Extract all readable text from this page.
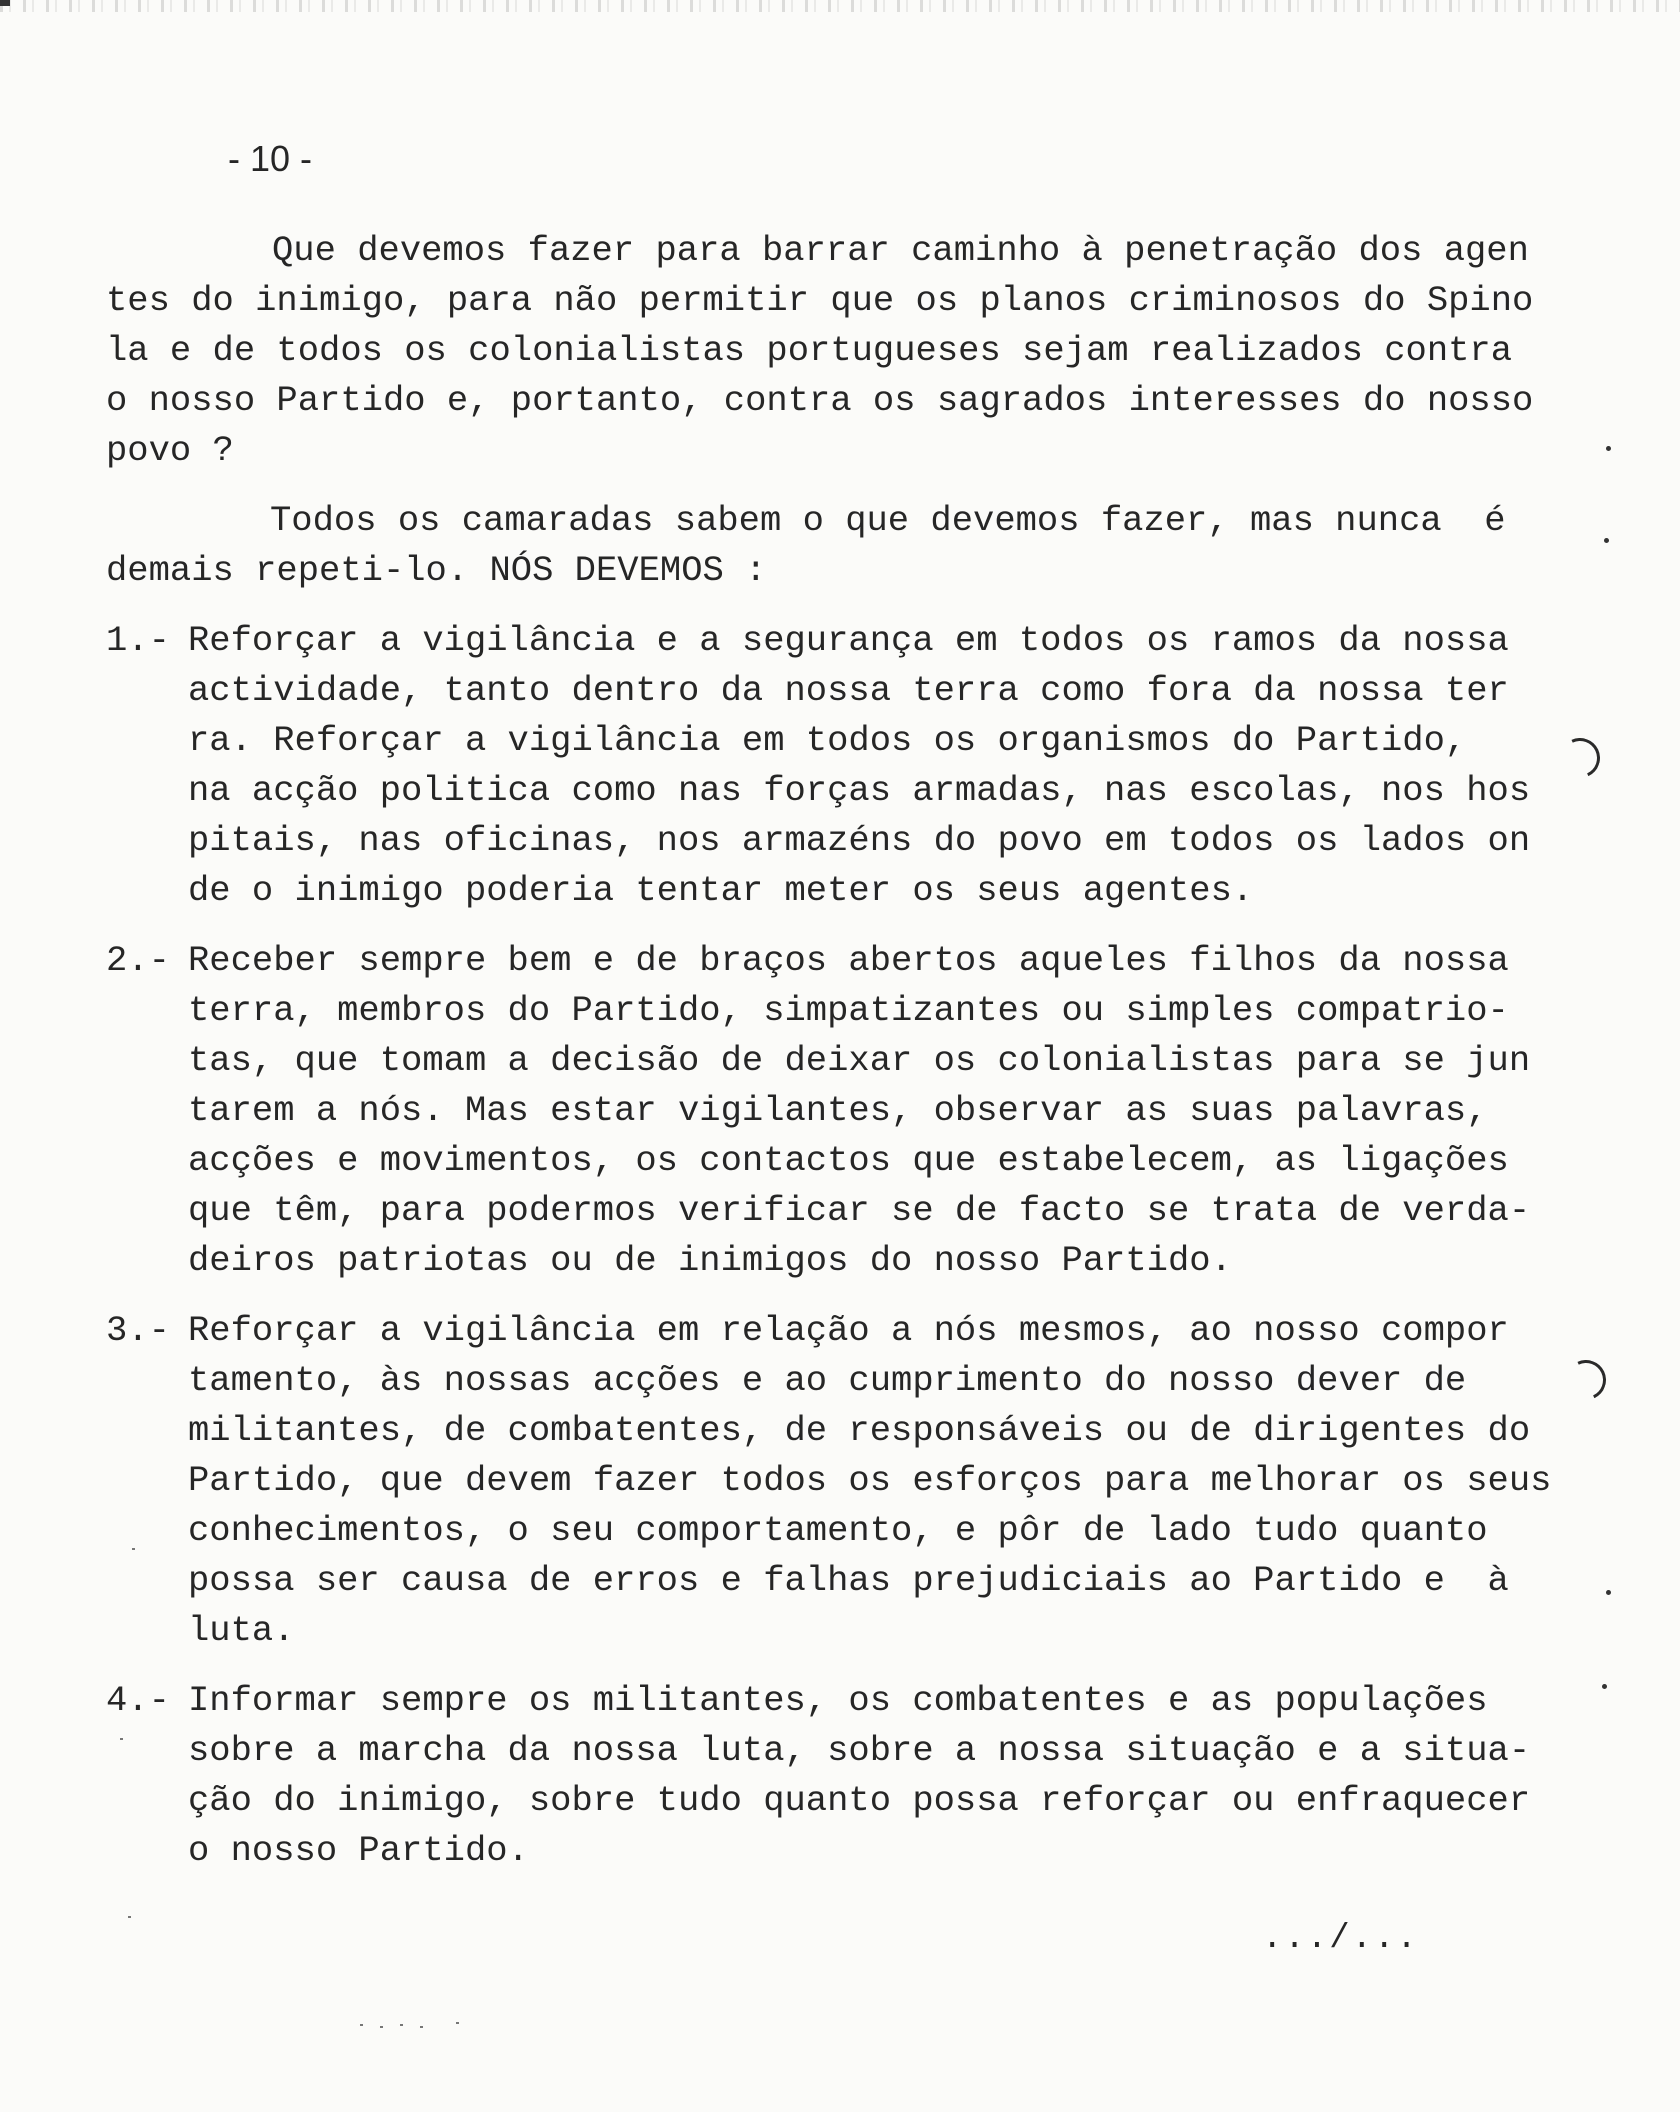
- 10 -
Que devemos fazer para barrar caminho à penetração dos agen
tes do inimigo, para não permitir que os planos criminosos do Spino
la e de todos os colonialistas portugueses sejam realizados contra
o nosso Partido e, portanto, contra os sagrados interesses do nosso
povo ?
Todos os camaradas sabem o que devemos fazer, mas nunca  é
demais repeti-lo. NÓS DEVEMOS :
1.- Reforçar a vigilância e a segurança em todos os ramos da nossa
actividade, tanto dentro da nossa terra como fora da nossa ter
ra. Reforçar a vigilância em todos os organismos do Partido,
na acção politica como nas forças armadas, nas escolas, nos hos
pitais, nas oficinas, nos armazéns do povo em todos os lados on
de o inimigo poderia tentar meter os seus agentes.
2.- Receber sempre bem e de braços abertos aqueles filhos da nossa
terra, membros do Partido, simpatizantes ou simples compatrio-
tas, que tomam a decisão de deixar os colonialistas para se jun
tarem a nós. Mas estar vigilantes, observar as suas palavras,
acções e movimentos, os contactos que estabelecem, as ligações
que têm, para podermos verificar se de facto se trata de verda-
deiros patriotas ou de inimigos do nosso Partido.
3.- Reforçar a vigilância em relação a nós mesmos, ao nosso compor
tamento, às nossas acções e ao cumprimento do nosso dever de
militantes, de combatentes, de responsáveis ou de dirigentes do
Partido, que devem fazer todos os esforços para melhorar os seus
conhecimentos, o seu comportamento, e pôr de lado tudo quanto
possa ser causa de erros e falhas prejudiciais ao Partido e  à
luta.
4.- Informar sempre os militantes, os combatentes e as populações
sobre a marcha da nossa luta, sobre a nossa situação e a situa-
ção do inimigo, sobre tudo quanto possa reforçar ou enfraquecer
o nosso Partido.
.../...
